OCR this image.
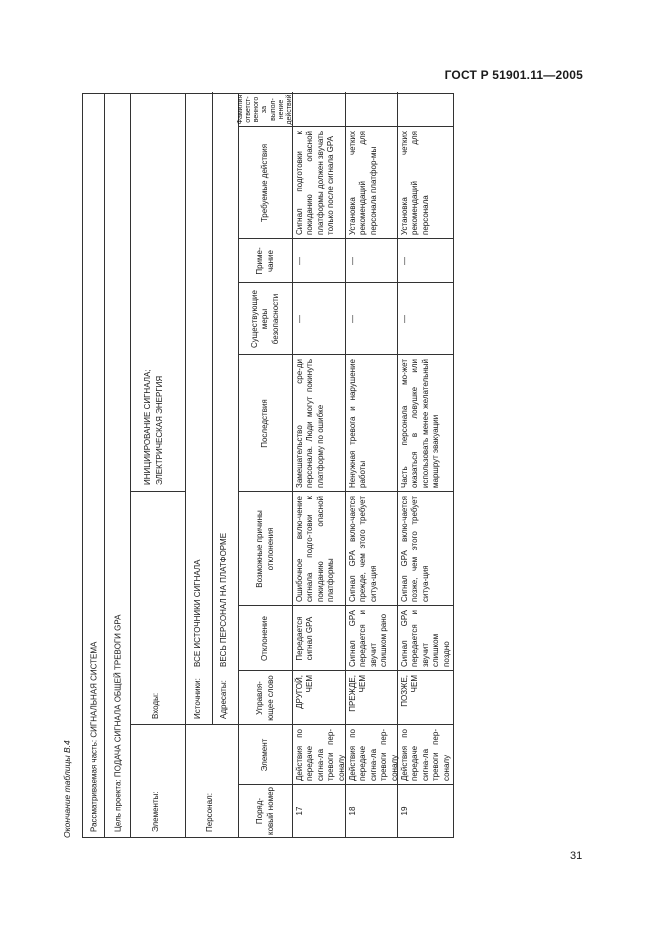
ГОСТ Р 51901.11—2005
Окончание таблицы В.4	Рассматриваемая часть: СИГНАЛЬНАЯ СИСТЕМА
Цель проекта: ПОДАЧА СИГНАЛА ОБЩЕЙ ТРЕВОГИ GPA
Элементы:
Входы:
ИНИЦИИРОВАНИЕ СИГНАЛА; ЭЛЕКТРИЧЕСКАЯ ЭНЕРГИЯ
Персонал:
Источники:
ВСЕ ИСТОЧНИКИ СИГНАЛА
Адресаты:
ВЕСЬ ПЕРСОНАЛ НА ПЛАТФОРМЕ
Поряд-ковый номер
Элемент
Управля-ющее слово
Отклонение
Возможные причины отклонения
Последствия
Существующие меры безопасности
Приме-чание
Требуемые действия
Фамилия ответст-венного за выпол-нение действий
17
Действия по передаче сигна-ла тревоги пер-соналу
ДРУГОЙ, ЧЕМ
Передается сигнал GPA
Ошибочное вклю-чение сигнала подго-товки к покиданию опасной платформы
Замешательство сре-ди персонала. Люди могут покинуть платформу по ошибке
—
—
Сигнал подготовки к покиданию опасной платформы должен звучать только после сигнала GPA
18
Действия по передаче сигна-ла тревоги пер-соналу
ПРЕЖДЕ, ЧЕМ
Сигнал GPA передается и звучит слишком рано
Сигнал GPA вклю-чается прежде, чем этого требует ситуа-ция
Ненужная тревога и нарушение работы
—
—
Установка четких рекомендаций для персонала платфор-мы
19
Действия по передаче сигна-ла тревоги пер-соналу
ПОЗЖЕ, ЧЕМ
Сигнал GPA передается и звучит слишком поздно
Сигнал GPA вклю-чается позже, чем этого требует ситуа-ция
Часть персонала мо-жет оказаться в ловушке или использовать менее желательный маршрут эвакуации
—
—
Установка четких рекомендаций для персонала
31
